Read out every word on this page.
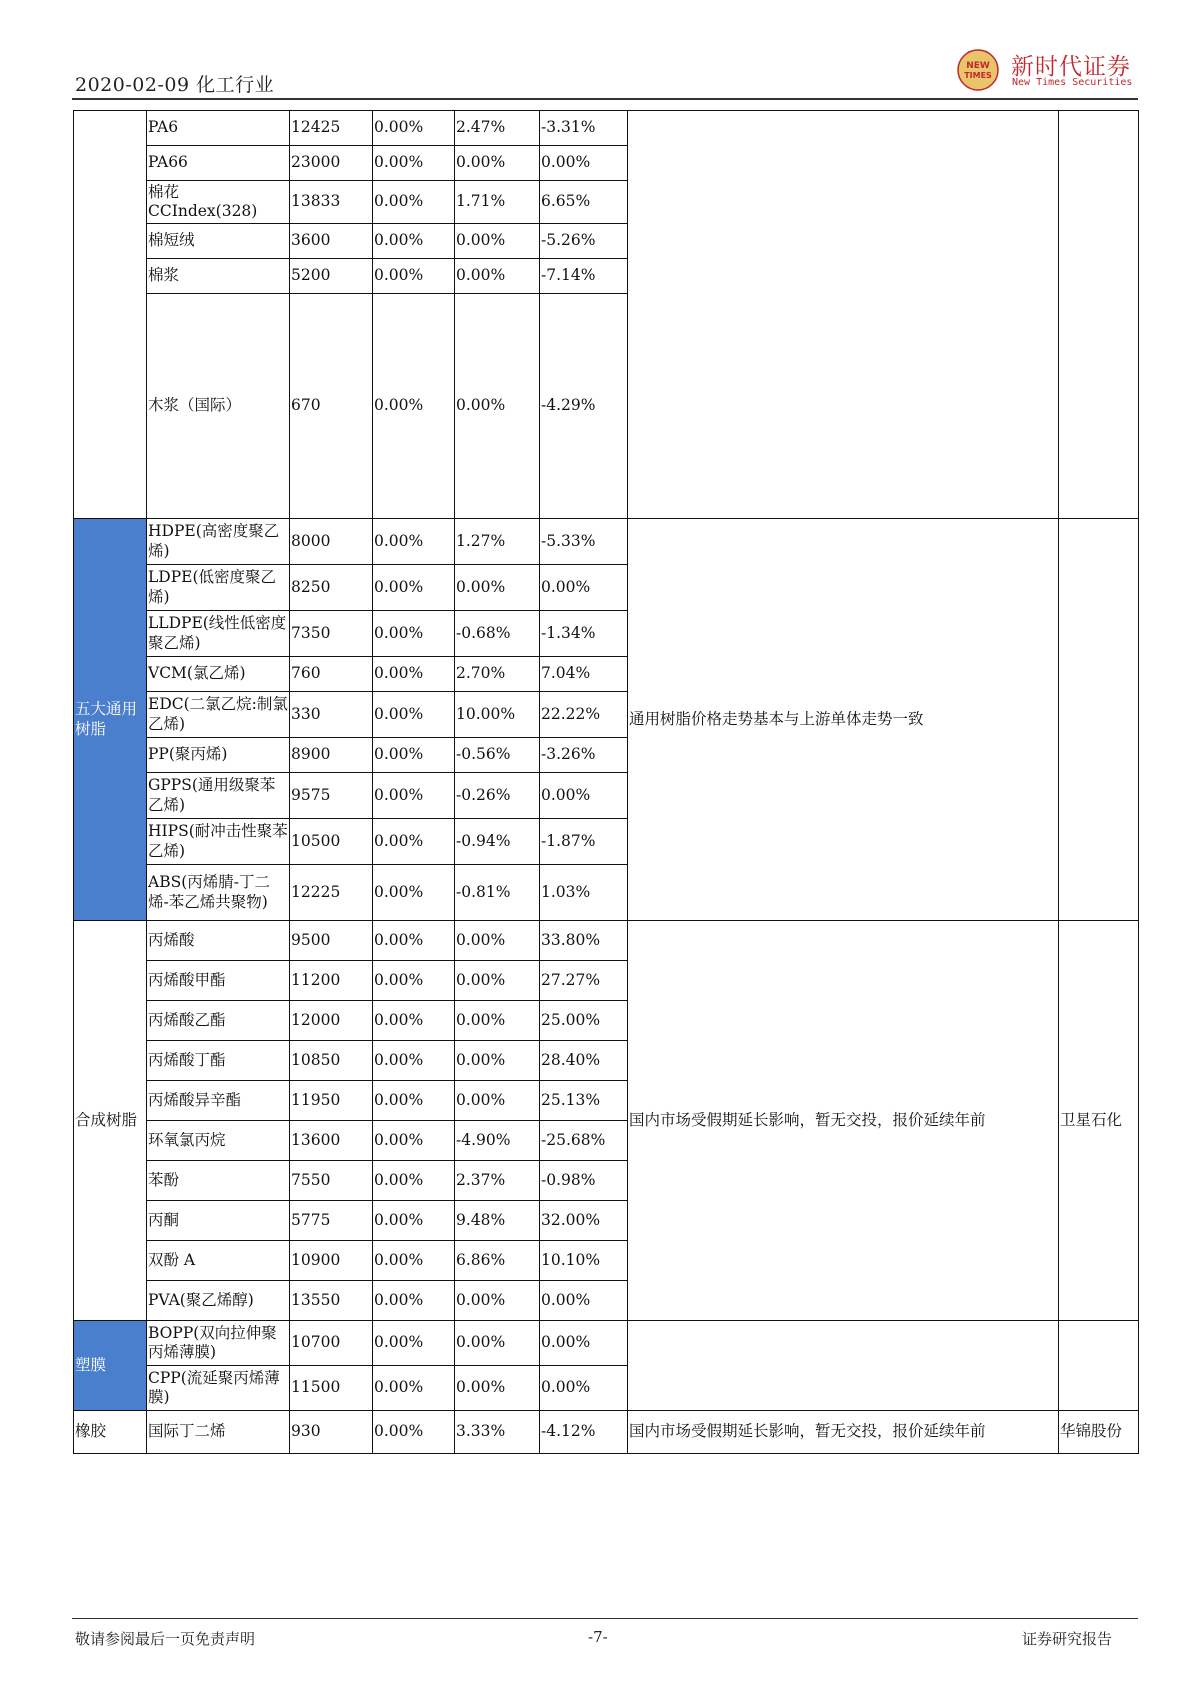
2020-02-09 化工行业
NEW
TIMES 新时代证券
New Times Securities
	PA6	12425	0.00%	2.47%	-3.31%		
	PA66	23000	0.00%	0.00%	0.00%		
	棉花CCIndex(328)	13833	0.00%	1.71%	6.65%		
	棉短绒	3600	0.00%	0.00%	-5.26%		
	棉浆	5200	0.00%	0.00%	-7.14%		
	木浆（国际）	670	0.00%	0.00%	-4.29%		
五大通用树脂	HDPE(高密度聚乙烯)	8000	0.00%	1.27%	-5.33%	通用树脂价格走势基本与上游单体走势一致	
	LDPE(低密度聚乙烯)	8250	0.00%	0.00%	0.00%		
	LLDPE(线性低密度聚乙烯)	7350	0.00%	-0.68%	-1.34%		
	VCM(氯乙烯)	760	0.00%	2.70%	7.04%		
	EDC(二氯乙烷:制氯乙烯)	330	0.00%	10.00%	22.22%		
	PP(聚丙烯)	8900	0.00%	-0.56%	-3.26%		
	GPPS(通用级聚苯乙烯)	9575	0.00%	-0.26%	0.00%		
	HIPS(耐冲击性聚苯乙烯)	10500	0.00%	-0.94%	-1.87%		
	ABS(丙烯腈-丁二烯-苯乙烯共聚物)	12225	0.00%	-0.81%	1.03%		
合成树脂	丙烯酸	9500	0.00%	0.00%	33.80%	国内市场受假期延长影响，暂无交投，报价延续年前	卫星石化
	丙烯酸甲酯	11200	0.00%	0.00%	27.27%		
	丙烯酸乙酯	12000	0.00%	0.00%	25.00%		
	丙烯酸丁酯	10850	0.00%	0.00%	28.40%		
	丙烯酸异辛酯	11950	0.00%	0.00%	25.13%		
	环氧氯丙烷	13600	0.00%	-4.90%	-25.68%		
	苯酚	7550	0.00%	2.37%	-0.98%		
	丙酮	5775	0.00%	9.48%	32.00%		
	双酚 A	10900	0.00%	6.86%	10.10%		
	PVA(聚乙烯醇)	13550	0.00%	0.00%	0.00%		
塑膜	BOPP(双向拉伸聚丙烯薄膜)	10700	0.00%	0.00%	0.00%		
	CPP(流延聚丙烯薄膜)	11500	0.00%	0.00%	0.00%		
橡胶	国际丁二烯	930	0.00%	3.33%	-4.12%	国内市场受假期延长影响，暂无交投，报价延续年前	华锦股份
敬请参阅最后一页免责声明	-7-	证券研究报告
